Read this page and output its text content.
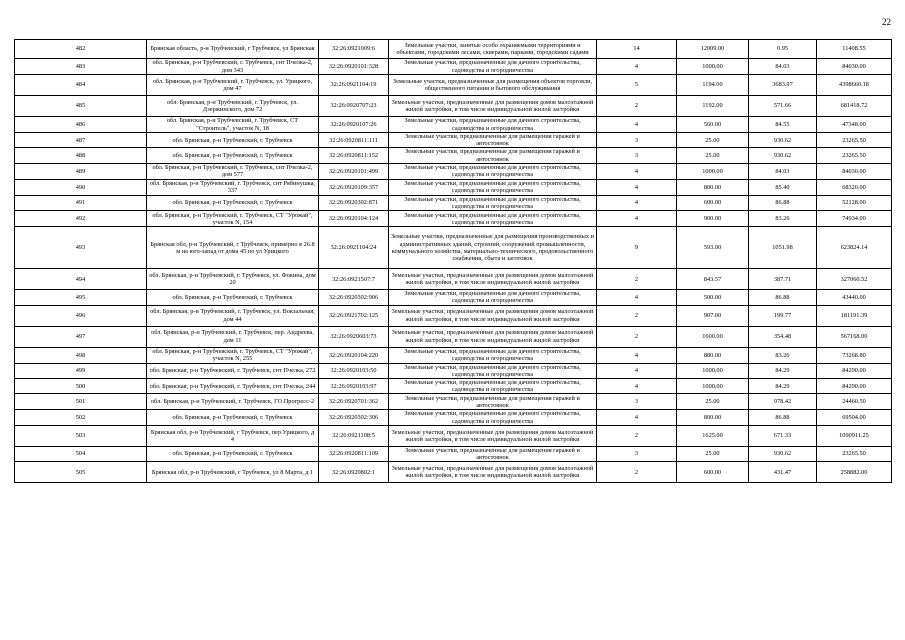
22
482	Брянская область, р-н Трубчевский, г Трубчевск, ул Брянская	32:26:0921009:6	Земельные участки, занятые особо охраняемыми территориями и объектами, городскими лесами, скверами, парками, городскими садами	14	12009.00	0.95	11408.55
483	обл. Брянская, р-н Трубчевский, г. Трубчевск, снт Пчелка-2, дом 343	32:26:0920101:328	Земельные участки, предназначенные для дачного строительства, садоводства и огородничества	4	1000.00	84.03	84030.00
484	обл. Брянская, р-н Трубчевский, г. Трубчевск, ул. Урицкого, дом 47	32:26:0921104:19	Земельные участки, предназначенные для размещения объектов торговли, общественного питания и бытового обслуживания	5	1194.00	3683.97	4398660.18
485	обл. Брянская, р-н Трубчевский, г. Трубчевск, ул. Дзержинского, дом 72	32:26:0920707:23	Земельные участки, предназначенные для размещения домов малоэтажной жилой застройки, в том числе индивидуальной жилой застройки	2	1192.00	571.66	681418.72
486	обл. Брянская, р-н Трубчевский, г. Трубчевск, СТ "Строитель", участок N, 18	32:26:0920107:26	Земельные участки, предназначенные для дачного строительства, садоводства и огородничества	4	560.00	84.55	47348.00
487	обл. Брянская, р-н Трубчевский, г. Трубчевск	32:26:0920811:111	Земельные участки, предназначенные для размещения гаражей и автостоянок	3	25.00	930.62	23265.50
488	обл. Брянская, р-н Трубчевский, г. Трубчевск	32:26:0920811:152	Земельные участки, предназначенные для размещения гаражей и автостоянок	3	25.00	930.62	23265.50
489	обл. Брянская, р-н Трубчевский, г. Трубчевск, снт Пчелка-2, дом 577	32:26:0920101:499	Земельные участки, предназначенные для дачного строительства, садоводства и огородничества	4	1000.00	84.03	84030.00
490	обл. Брянская, р-н Трубчевский, г. Трубчевск, снт Рябинушка, 337	32:26:0920109:357	Земельные участки, предназначенные для дачного строительства, садоводства и огородничества	4	800.00	85.40	68320.00
491	обл. Брянская, р-н Трубчевский, г. Трубчевск	32:26:0920302:871	Земельные участки, предназначенные для дачного строительства, садоводства и огородничества	4	600.00	86.88	52128.00
492	обл. Брянская, р-н Трубчевский, г. Трубчевск, СТ "Урожай", участок N, 154	32:26:0920104:124	Земельные участки, предназначенные для дачного строительства, садоводства и огородничества	4	900.00	83.26	74934.00
493	Брянская обл, р-н Трубчевский, г Трубчевск, примерно в 26.8 м на юго-запад от дома 45 по ул Урицкого	32:26:0921104:24	Земельные участки, предназначенные для размещения производственных и административных зданий, строений, сооружений промышленности, коммунального хозяйства, материально-технического, продовольственного снабжения, сбыта и заготовок	9	593.00	1051.98	623824.14
494	обл. Брянская, р-н Трубчевский, г. Трубчевск, ул. Фокина, дом 20	32:26:0921507:7	Земельные участки, предназначенные для размещения домов малоэтажной жилой застройки, в том числе индивидуальной жилой застройки	2	843.57	387.71	327060.52
495	обл. Брянская, р-н Трубчевский, г. Трубчевск	32:26:0920302:906	Земельные участки, предназначенные для дачного строительства, садоводства и огородничества	4	500.00	86.88	43440.00
496	обл. Брянская, р-н Трубчевский, г. Трубчевск, ул. Вокзальная, дом 44	32:26:0921702:125	Земельные участки, предназначенные для размещения домов малоэтажной жилой застройки, в том числе индивидуальной жилой застройки	2	907.00	199.77	181191.39
497	обл. Брянская, р-н Трубчевский, г. Трубчевск, пер. Андреева, дом 11	32:26:0920603:73	Земельные участки, предназначенные для размещения домов малоэтажной жилой застройки, в том числе индивидуальной жилой застройки	2	1600.00	354.48	567168.00
498	обл. Брянская, р-н Трубчевский, г. Трубчевск, СТ "Урожай", участок N, 255	32:26:0920104:220	Земельные участки, предназначенные для дачного строительства, садоводства и огородничества	4	880.00	83.26	73268.80
499	обл. Брянская, р-н Трубчевский, г. Трубчевск, снт Пчелка, 272	32:26:0920103:50	Земельные участки, предназначенные для дачного строительства, садоводства и огородничества	4	1000.00	84.29	84290.00
500	обл. Брянская, р-н Трубчевский, г. Трубчевск, снт Пчелка, 244	32:26:0920103:97	Земельные участки, предназначенные для дачного строительства, садоводства и огородничества	4	1000.00	84.29	84290.00
501	обл. Брянская, р-н Трубчевский, г. Трубчевск, ГО Прогресс-2	32:26:0920701:362	Земельные участки, предназначенные для размещения гаражей и автостоянок	3	25.00	978.42	24460.50
502	обл. Брянская, р-н Трубчевский, г. Трубчевск	32:26:0920302:306	Земельные участки, предназначенные для дачного строительства, садоводства и огородничества	4	800.00	86.88	69504.00
503	Брянская обл, р-н Трубчевский, г Трубчевск, пер Урицкого, д 4	32:26:0921108:5	Земельные участки, предназначенные для размещения домов малоэтажной жилой застройки, в том числе индивидуальной жилой застройки	2	1625.00	671.33	1090911.25
504	обл. Брянская, р-н Трубчевский, г. Трубчевск	32:26:0920811:109	Земельные участки, предназначенные для размещения гаражей и автостоянок	3	25.00	930.62	23265.50
505	Брянская обл, р-н Трубчевский, г Трубчевск, ул 8 Марта, д 1	32:26:0920802:1	Земельные участки, предназначенные для размещения домов малоэтажной жилой застройки, в том числе индивидуальной жилой застройки	2	600.00	431.47	258882.00
